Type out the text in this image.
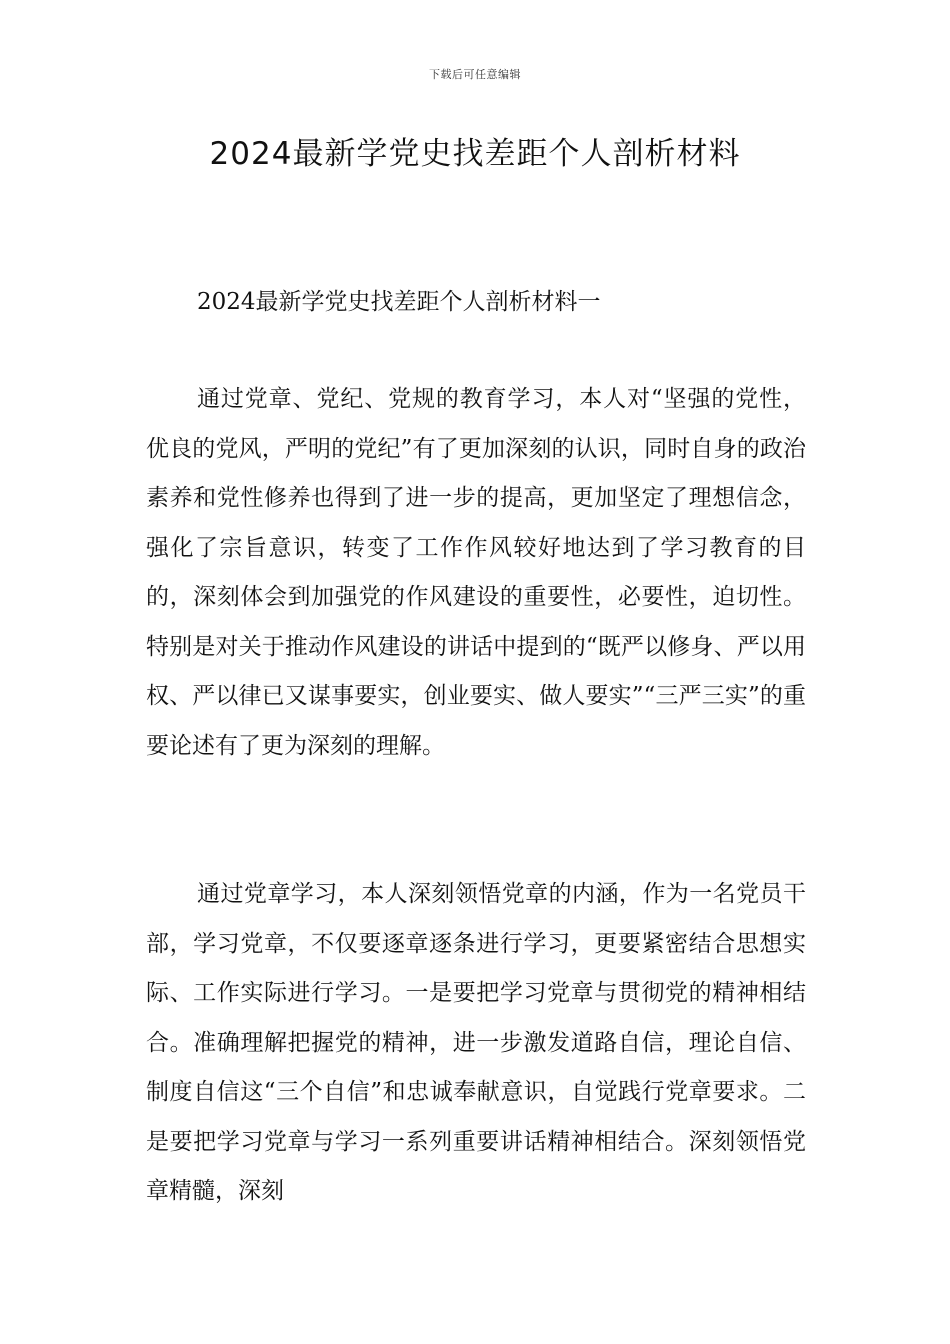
下载后可任意编辑
2024最新学党史找差距个人剖析材料
2024最新学党史找差距个人剖析材料一

通过党章、党纪、党规的教育学习，本人对“坚强的党性，优良的党风，严明的党纪”有了更加深刻的认识，同时自身的政治素养和党性修养也得到了进一步的提高，更加坚定了理想信念，强化了宗旨意识，转变了工作作风较好地达到了学习教育的目的，深刻体会到加强党的作风建设的重要性，必要性，迫切性。特别是对关于推动作风建设的讲话中提到的“既严以修身、严以用权、严以律已又谋事要实，创业要实、做人要实”“三严三实”的重要论述有了更为深刻的理解。

通过党章学习，本人深刻领悟党章的内涵，作为一名党员干部，学习党章，不仅要逐章逐条进行学习，更要紧密结合思想实际、工作实际进行学习。一是要把学习党章与贯彻党的精神相结合。准确理解把握党的精神，进一步激发道路自信，理论自信、制度自信这“三个自信”和忠诚奉献意识，自觉践行党章要求。二是要把学习党章与学习一系列重要讲话精神相结合。深刻领悟党章精髓，深刻
